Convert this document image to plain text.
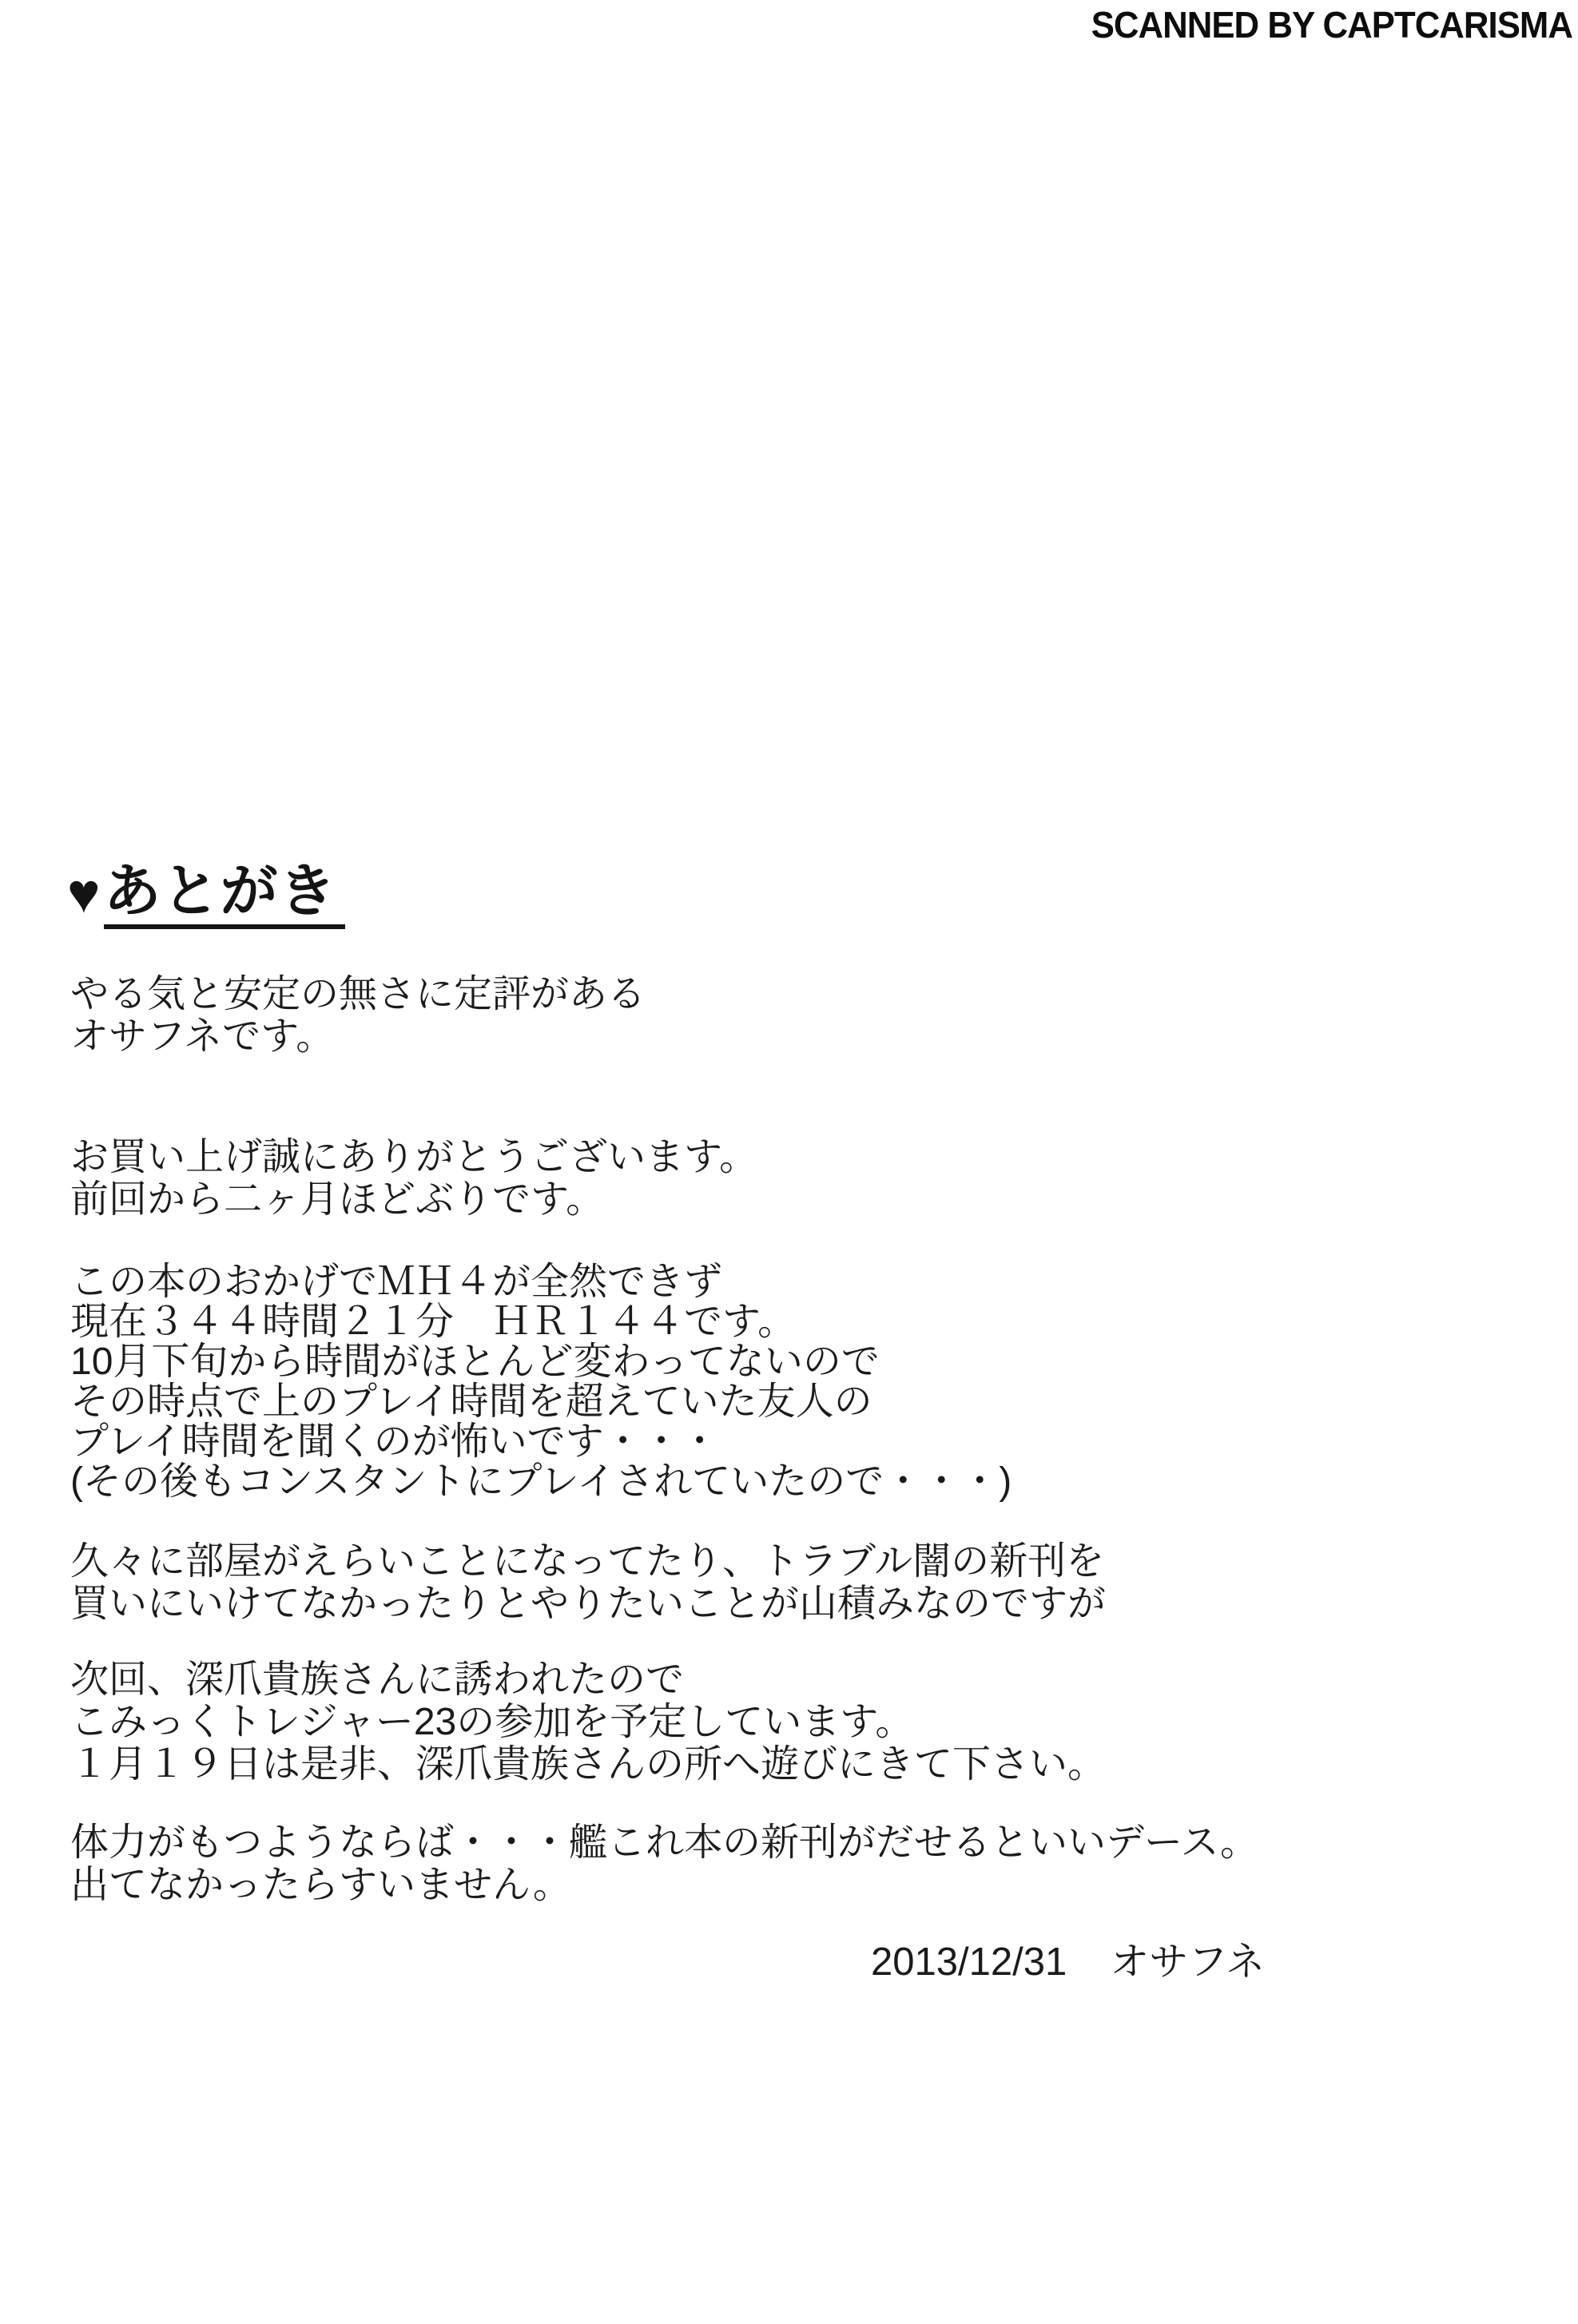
SCANNED BY CAPTCARISMA
♥あとがき
やる気と安定の無さに定評がある
オサフネです。
お買い上げ誠にありがとうございます。
前回から二ヶ月ほどぶりです。
この本のおかげでＭＨ４が全然できず
現在３４４時間２１分　ＨＲ１４４です。
10月下旬から時間がほとんど変わってないので
その時点で上のプレイ時間を超えていた友人の
プレイ時間を聞くのが怖いです・・・
(その後もコンスタントにプレイされていたので・・・)
久々に部屋がえらいことになってたり、トラブル闇の新刊を
買いにいけてなかったりとやりたいことが山積みなのですが
次回、深爪貴族さんに誘われたので
こみっくトレジャー23の参加を予定しています。
１月１９日は是非、深爪貴族さんの所へ遊びにきて下さい。
体力がもつようならば・・・艦これ本の新刊がだせるといいデース。
出てなかったらすいません。
2013/12/31 オサフネ
